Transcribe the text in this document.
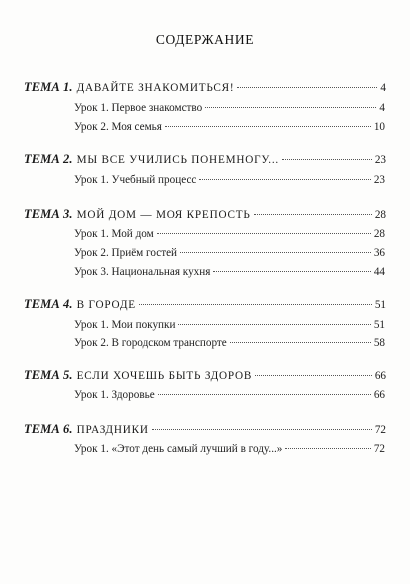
СОДЕРЖАНИЕ
ТЕМА 1. ДАВАЙТЕ ЗНАКОМИТЬСЯ!	4
Урок 1. Первое знакомство	4
Урок 2. Моя семья	10
ТЕМА 2. МЫ ВСЕ УЧИЛИСЬ ПОНЕМНОГУ...	23
Урок 1. Учебный процесс	23
ТЕМА 3. МОЙ ДОМ — МОЯ КРЕПОСТЬ	28
Урок 1. Мой дом	28
Урок 2. Приём гостей	36
Урок 3. Национальная кухня	44
ТЕМА 4. В ГОРОДЕ	51
Урок 1. Мои покупки	51
Урок 2. В городском транспорте	58
ТЕМА 5. ЕСЛИ ХОЧЕШЬ БЫТЬ ЗДОРОВ	66
Урок 1. Здоровье	66
ТЕМА 6. ПРАЗДНИКИ	72
Урок 1. «Этот день самый лучший в году...»	72
